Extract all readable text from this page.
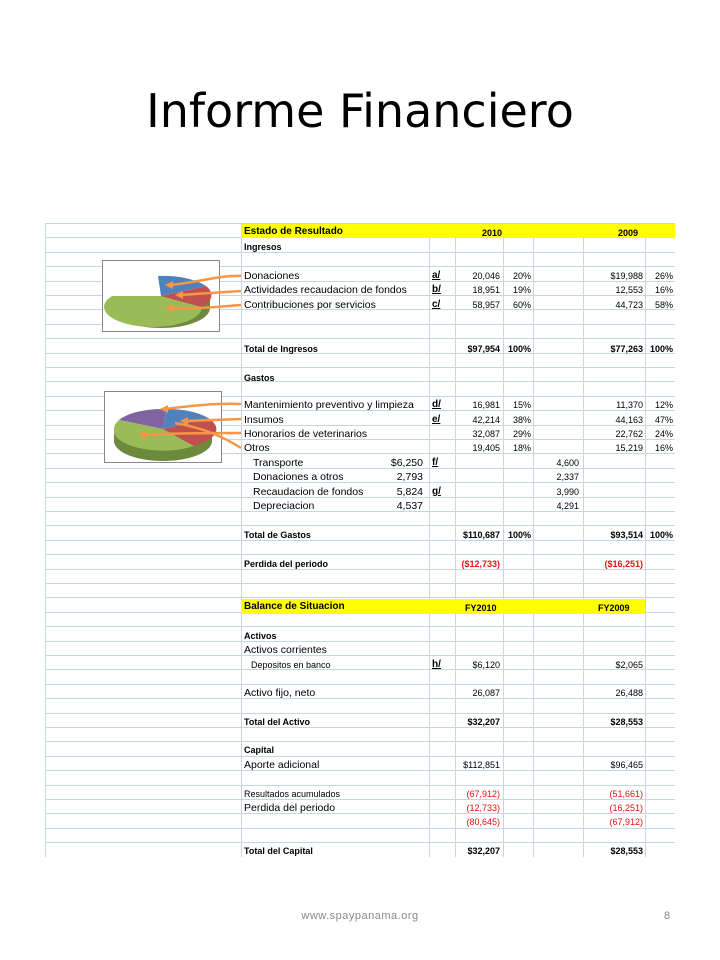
Informe Financiero
Estado de Resultado	2010	2009
Ingresos
Donaciones	a/	20,046	20%	$19,988	26%
Actividades recaudacion de fondos	b/	18,951	19%	12,553	16%
Contribuciones por servicios	c/	58,957	60%	44,723	58%
Total de Ingresos	$97,954 100%	$77,263 100%
Gastos
Mantenimiento preventivo y limpieza d/	16,981	15%	11,370	12%
Insumos	e/	42,214	38%	44,163	47%
Honorarios de veterinarios	32,087	29%	22,762	24%
Otros	19,405	18%	15,219	16%
Transporte	$6,250 f/	4,600
Donaciones a otros	2,793	2,337
Recaudacion de fondos	5,824 g/	3,990
Depreciacion	4,537	4,291
Total de Gastos	$110,687 100%	$93,514 100%
Perdida del periodo	($12,733)	($16,251)
Balance de Situacion	FY2010	FY2009
Activos
Activos corrientes
Depositos en banco	h/	$6,120	$2,065
Activo fijo, neto	26,087	26,488
Total del Activo	$32,207	$28,553
Capital
Aporte adicional	$112,851	$96,465
Resultados acumulados	(67,912)	(51,661)
Perdida del periodo	(12,733)	(16,251)
(80,645)	(67,912)
Total del Capital	$32,207	$28,553
www.spaypanama.org	8
